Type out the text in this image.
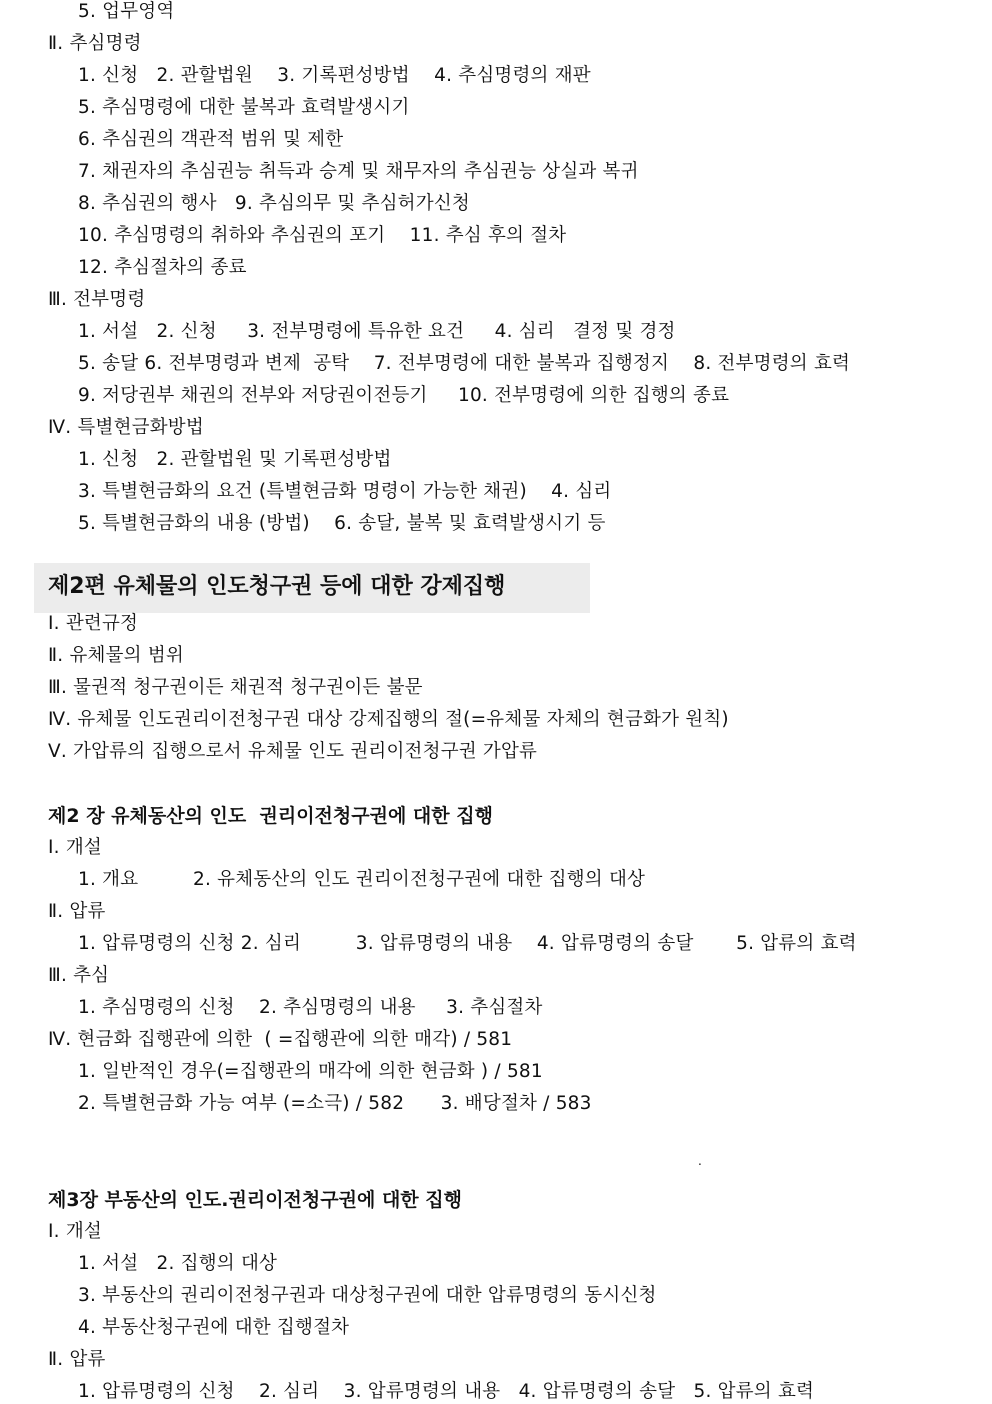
5. 업무영역
Ⅱ. 추심명령
1. 신청   2. 관할법원    3. 기록편성방법    4. 추심명령의 재판
5. 추심명령에 대한 불복과 효력발생시기
6. 추심권의 객관적 범위 및 제한
7. 채권자의 추심권능 취득과 승계 및 채무자의 추심권능 상실과 복귀
8. 추심권의 행사   9. 추심의무 및 추심허가신청
10. 추심명령의 취하와 추심권의 포기    11. 추심 후의 절차
12. 추심절차의 종료
Ⅲ. 전부명령
1. 서설   2. 신청     3. 전부명령에 특유한 요건     4. 심리   결정 및 경정
5. 송달 6. 전부명령과 변제  공탁    7. 전부명령에 대한 불복과 집행정지    8. 전부명령의 효력
9. 저당권부 채권의 전부와 저당권이전등기     10. 전부명령에 의한 집행의 종료
Ⅳ. 특별현금화방법
1. 신청   2. 관할법원 및 기록편성방법
3. 특별현금화의 요건 (특별현금화 명령이 가능한 채권)    4. 심리
5. 특별현금화의 내용 (방법)    6. 송달, 불복 및 효력발생시기 등
제2편 유체물의 인도청구권 등에 대한 강제집행
Ⅰ. 관련규정
Ⅱ. 유체물의 범위
Ⅲ. 물권적 청구권이든 채권적 청구권이든 불문
Ⅳ. 유체물 인도권리이전청구권 대상 강제집행의 절(=유체물 자체의 현금화가 원칙)
Ⅴ. 가압류의 집행으로서 유체물 인도 권리이전청구권 가압류
제2 장 유체동산의 인도  권리이전청구권에 대한 집행
Ⅰ. 개설
1. 개요         2. 유체동산의 인도 권리이전청구권에 대한 집행의 대상
Ⅱ. 압류
1. 압류명령의 신청 2. 심리         3. 압류명령의 내용    4. 압류명령의 송달       5. 압류의 효력
Ⅲ. 추심
1. 추심명령의 신청    2. 추심명령의 내용     3. 추심절차
Ⅳ. 현금화 집행관에 의한  ( =집행관에 의한 매각) / 581
1. 일반적인 경우(=집행관의 매각에 의한 현금화 ) / 581
2. 특별현금화 가능 여부 (=소극) / 582      3. 배당절차 / 583
.
제3장 부동산의 인도.권리이전청구권에 대한 집행
Ⅰ. 개설
1. 서설   2. 집행의 대상
3. 부동산의 권리이전청구권과 대상청구권에 대한 압류명령의 동시신청
4. 부동산청구권에 대한 집행절차
Ⅱ. 압류
1. 압류명령의 신청    2. 심리    3. 압류명령의 내용   4. 압류명령의 송달   5. 압류의 효력
